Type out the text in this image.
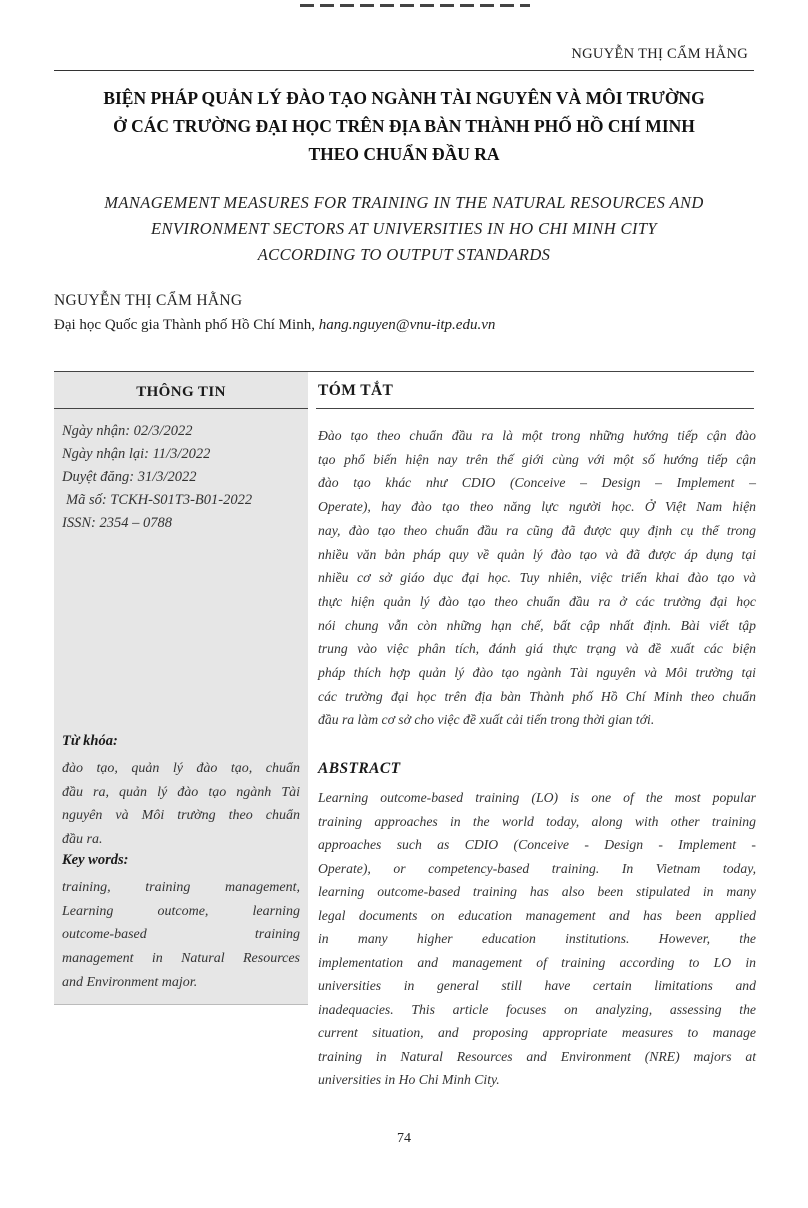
NGUYỄN THỊ CẨM HẰNG
BIỆN PHÁP QUẢN LÝ ĐÀO TẠO NGÀNH TÀI NGUYÊN VÀ MÔI TRƯỜNG
Ở CÁC TRƯỜNG ĐẠI HỌC TRÊN ĐỊA BÀN THÀNH PHỐ HỒ CHÍ MINH
THEO CHUẨN ĐẦU RA
MANAGEMENT MEASURES FOR TRAINING IN THE NATURAL RESOURCES AND
ENVIRONMENT SECTORS AT UNIVERSITIES IN HO CHI MINH CITY
ACCORDING TO OUTPUT STANDARDS
NGUYỄN THỊ CẨM HẰNG
Đại học Quốc gia Thành phố Hồ Chí Minh, hang.nguyen@vnu-itp.edu.vn
THÔNG TIN	TÓM TẮT
Ngày nhận: 02/3/2022
Ngày nhận lại: 11/3/2022
Duyệt đăng: 31/3/2022
Mã số: TCKH-S01T3-B01-2022
ISSN: 2354 – 0788
Từ khóa:
đào tạo, quản lý đào tạo, chuẩn
đầu ra, quản lý đào tạo ngành Tài
nguyên và Môi trường theo chuẩn
đầu ra.
Key words:
training, training management,
Learning outcome, learning
outcome-based training
management in Natural Resources
and Environment major.
Đào tạo theo chuẩn đầu ra là một trong những hướng tiếp cận đào
tạo phổ biến hiện nay trên thế giới cùng với một số hướng tiếp cận
đào tạo khác như CDIO (Conceive – Design – Implement –
Operate), hay đào tạo theo năng lực người học. Ở Việt Nam hiện
nay, đào tạo theo chuẩn đầu ra cũng đã được quy định cụ thể trong
nhiều văn bản pháp quy về quản lý đào tạo và đã được áp dụng tại
nhiều cơ sở giáo dục đại học. Tuy nhiên, việc triển khai đào tạo và
thực hiện quản lý đào tạo theo chuẩn đầu ra ở các trường đại học
nói chung vẫn còn những hạn chế, bất cập nhất định. Bài viết tập
trung vào việc phân tích, đánh giá thực trạng và đề xuất các biện
pháp thích hợp quản lý đào tạo ngành Tài nguyên và Môi trường tại
các trường đại học trên địa bàn Thành phố Hồ Chí Minh theo chuẩn
đầu ra làm cơ sở cho việc đề xuất cải tiến trong thời gian tới.
ABSTRACT
Learning outcome-based training (LO) is one of the most popular
training approaches in the world today, along with other training
approaches such as CDIO (Conceive - Design - Implement -
Operate), or competency-based training. In Vietnam today,
learning outcome-based training has also been stipulated in many
legal documents on education management and has been applied
in many higher education institutions. However, the
implementation and management of training according to LO in
universities in general still have certain limitations and
inadequacies. This article focuses on analyzing, assessing the
current situation, and proposing appropriate measures to manage
training in Natural Resources and Environment (NRE) majors at
universities in Ho Chi Minh City.
74
